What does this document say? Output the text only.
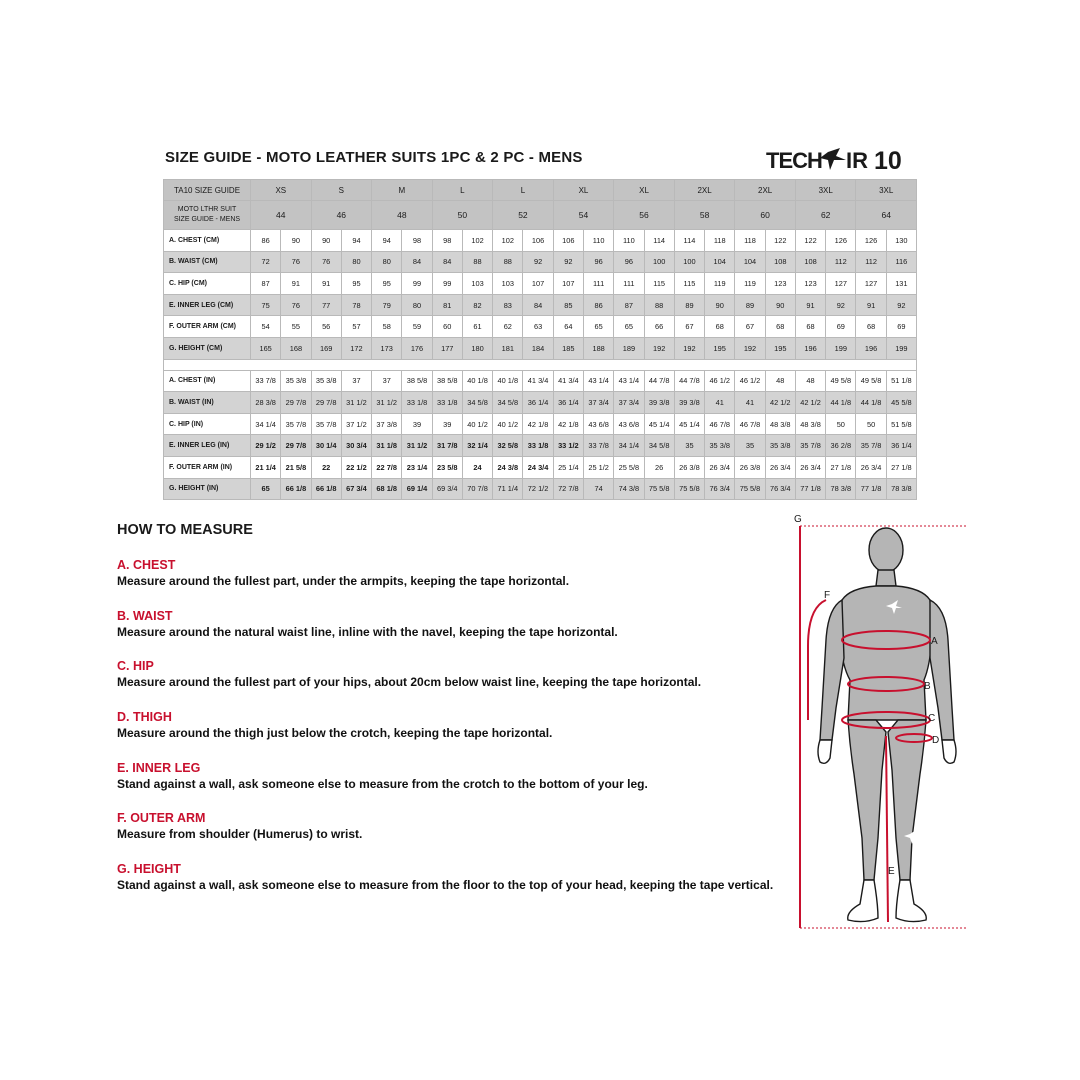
SIZE GUIDE - MOTO LEATHER SUITS 1PC & 2 PC - MENS	TECH IR 10
TA10 SIZE GUIDE	XS		S		M		L		L		XL		XL		2XL		2XL		3XL		3XL	

MOTO LTHR SUIT
SIZE GUIDE - MENS	44		46		48		50		52		54		56		58		60		62		64	
A. CHEST (CM)	86	90	90	94	94	98	98	102	102	106	106	110	110	114	114	118	118	122	122	126	126	130
B. WAIST (CM)	72	76	76	80	80	84	84	88	88	92	92	96	96	100	100	104	104	108	108	112	112	116
C. HIP (CM)	87	91	91	95	95	99	99	103	103	107	107	111	111	115	115	119	119	123	123	127	127	131
E. INNER LEG (CM)	75	76	77	78	79	80	81	82	83	84	85	86	87	88	89	90	89	90	91	92	91	92
F. OUTER ARM (CM)	54	55	56	57	58	59	60	61	62	63	64	65	65	66	67	68	67	68	68	69	68	69
G. HEIGHT (CM)	165	168	169	172	173	176	177	180	181	184	185	188	189	192	192	195	192	195	196	199	196	199

A. CHEST (IN)	33 7/8	35 3/8	35 3/8	37	37	38 5/8	38 5/8	40 1/8	40 1/8	41 3/4	41 3/4	43 1/4	43 1/4	44 7/8	44 7/8	46 1/2	46 1/2	48	48	49 5/8	49 5/8	51 1/8
B. WAIST (IN)	28 3/8	29 7/8	29 7/8	31 1/2	31 1/2	33 1/8	33 1/8	34 5/8	34 5/8	36 1/4	36 1/4	37 3/4	37 3/4	39 3/8	39 3/8	41	41	42 1/2	42 1/2	44 1/8	44 1/8	45 5/8
C. HIP (IN)	34 1/4	35 7/8	35 7/8	37 1/2	37 3/8	39	39	40 1/2	40 1/2	42 1/8	42 1/8	43 6/8	43 6/8	45 1/4	45 1/4	46 7/8	46 7/8	48 3/8	48 3/8	50	50	51 5/8
E. INNER LEG (IN)	29 1/2	29 7/8	30 1/4	30 3/4	31 1/8	31 1/2	31 7/8	32 1/4	32 5/8	33 1/8	33 1/2	33 7/8	34 1/4	34 5/8	35	35 3/8	35	35 3/8	35 7/8	36 2/8	35 7/8	36 1/4
F. OUTER ARM (IN)	21 1/4	21 5/8	22	22 1/2	22 7/8	23 1/4	23 5/8	24	24 3/8	24 3/4	25 1/4	25 1/2	25 5/8	26	26 3/8	26 3/4	26 3/8	26 3/4	26 3/4	27 1/8	26 3/4	27 1/8
G. HEIGHT (IN)	65	66 1/8	66 1/8	67 3/4	68 1/8	69 1/4	69 3/4	70 7/8	71 1/4	72 1/2	72 7/8	74	74 3/8	75 5/8	75 5/8	76 3/4	75 5/8	76 3/4	77 1/8	78 3/8	77 1/8	78 3/8
HOW TO MEASURE
A. CHEST
Measure around the fullest part, under the armpits, keeping the tape horizontal.
B. WAIST
Measure around the natural waist line, inline with the navel, keeping the tape horizontal.
C. HIP
Measure around the fullest part of your hips, about 20cm below waist line, keeping the tape horizontal.
D. THIGH
Measure around the thigh just below the crotch, keeping the tape horizontal.
E. INNER LEG
Stand against a wall, ask someone else to measure from the crotch to the bottom of your leg.
F. OUTER ARM
Measure from shoulder (Humerus) to wrist.
G. HEIGHT
Stand against a wall, ask someone else to measure from the floor to the top of your head, keeping the tape vertical.
G
F
A
B
C
D
E
